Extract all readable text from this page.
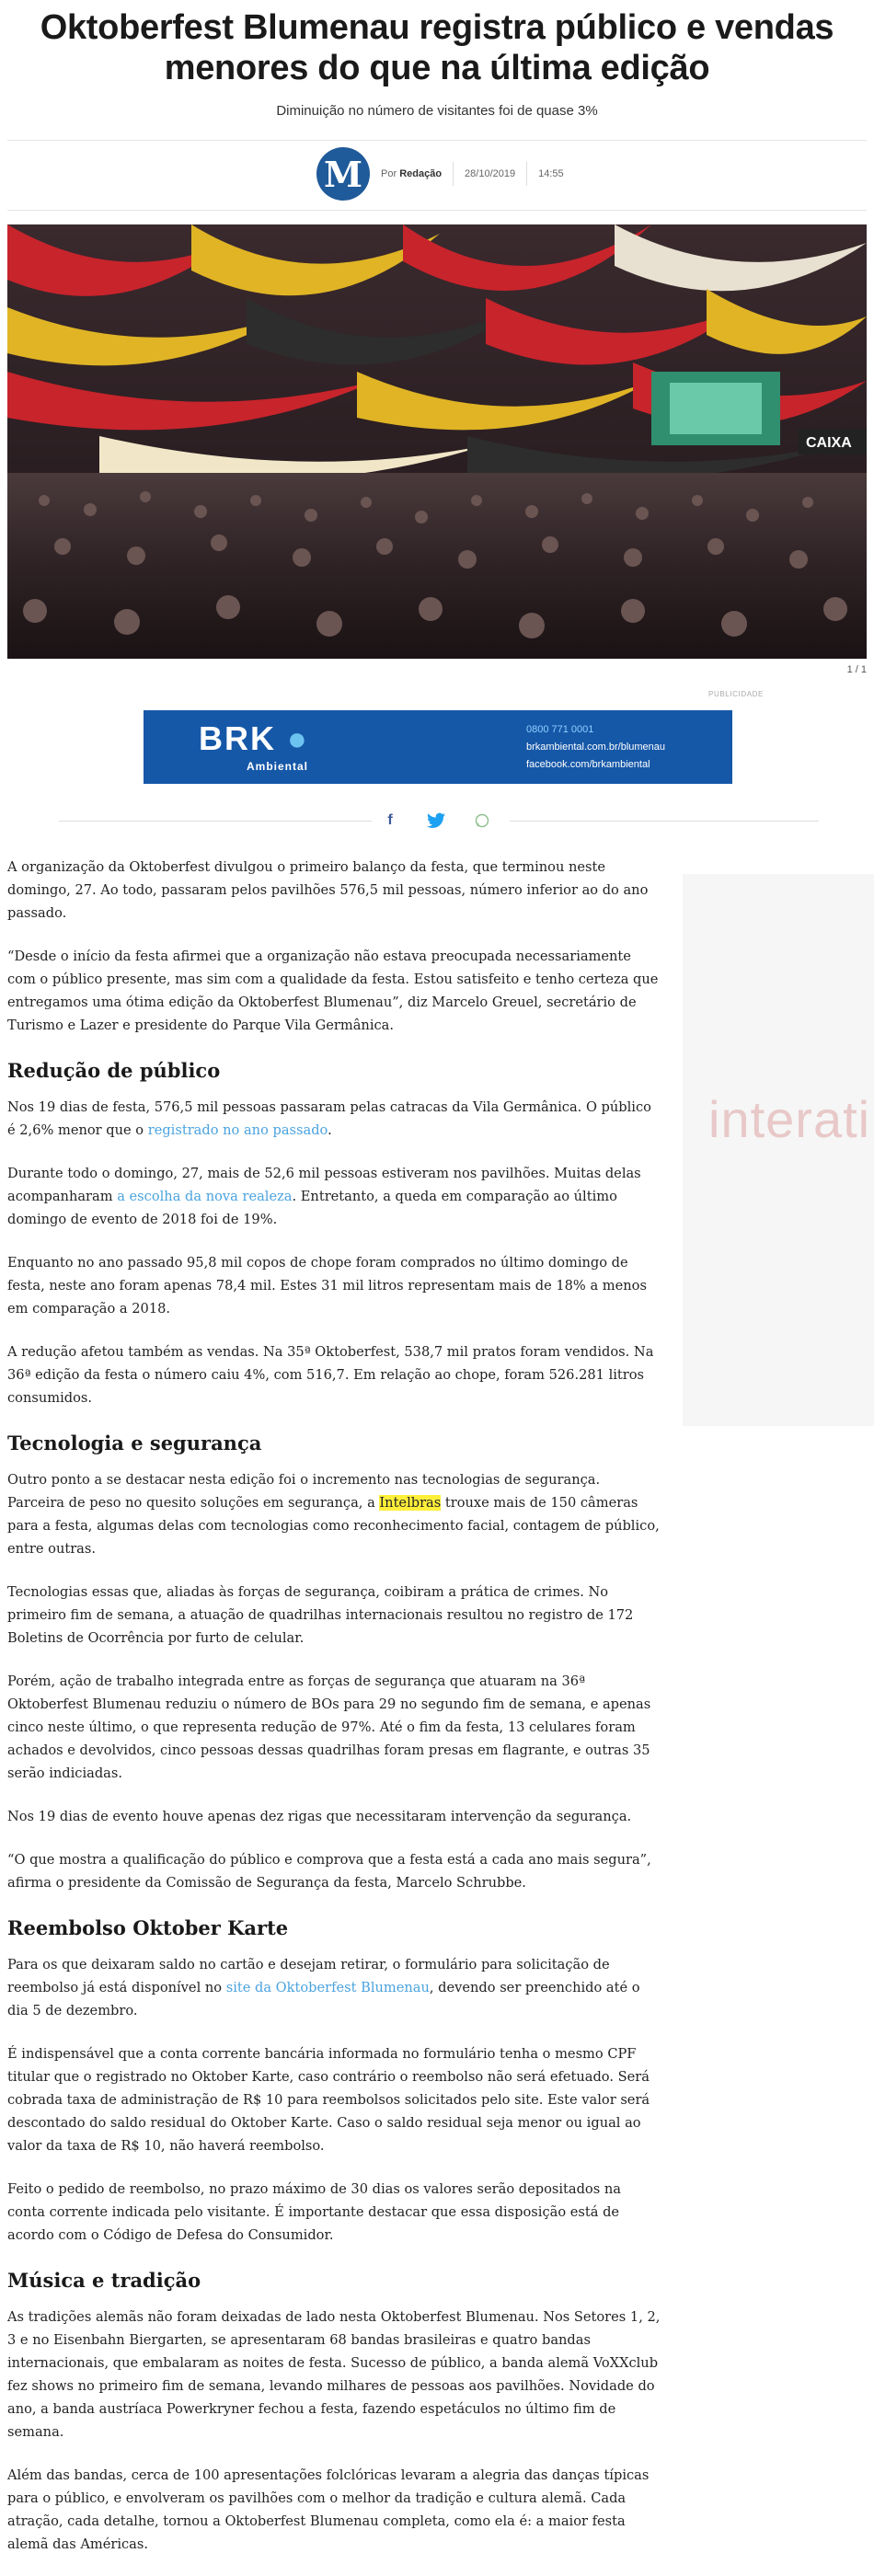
Oktoberfest Blumenau registra público e vendas
menores do que na última edição
Diminuição no número de visitantes foi de quase 3%
M Por Redação 28/10/2019 14:55
CAIXA
1 / 1
PUBLICIDADE
BRK ●
Ambiental
0800 771 0001
brkambiental.com.br/blumenau
facebook.com/brkambiental
f
interati

A organização da Oktoberfest divulgou o primeiro balanço da festa, que terminou neste domingo, 27. Ao todo, passaram pelos pavilhões 576,5 mil pessoas, número inferior ao do ano passado.

“Desde o início da festa afirmei que a organização não estava preocupada necessariamente com o público presente, mas sim com a qualidade da festa. Estou satisfeito e tenho certeza que entregamos uma ótima edição da Oktoberfest Blumenau”, diz Marcelo Greuel, secretário de Turismo e Lazer e presidente do Parque Vila Germânica.

Redução de público

Nos 19 dias de festa, 576,5 mil pessoas passaram pelas catracas da Vila Germânica. O público é 2,6% menor que o registrado no ano passado.

Durante todo o domingo, 27, mais de 52,6 mil pessoas estiveram nos pavilhões. Muitas delas acompanharam a escolha da nova realeza. Entretanto, a queda em comparação ao último domingo de evento de 2018 foi de 19%.

Enquanto no ano passado 95,8 mil copos de chope foram comprados no último domingo de festa, neste ano foram apenas 78,4 mil. Estes 31 mil litros representam mais de 18% a menos em comparação a 2018.

A redução afetou também as vendas. Na 35ª Oktoberfest, 538,7 mil pratos foram vendidos. Na 36ª edição da festa o número caiu 4%, com 516,7. Em relação ao chope, foram 526.281 litros consumidos.

Tecnologia e segurança

Outro ponto a se destacar nesta edição foi o incremento nas tecnologias de segurança. Parceira de peso no quesito soluções em segurança, a Intelbras trouxe mais de 150 câmeras para a festa, algumas delas com tecnologias como reconhecimento facial, contagem de público, entre outras.

Tecnologias essas que, aliadas às forças de segurança, coibiram a prática de crimes. No primeiro fim de semana, a atuação de quadrilhas internacionais resultou no registro de 172 Boletins de Ocorrência por furto de celular.

Porém, ação de trabalho integrada entre as forças de segurança que atuaram na 36ª Oktoberfest Blumenau reduziu o número de BOs para 29 no segundo fim de semana, e apenas cinco neste último, o que representa redução de 97%. Até o fim da festa, 13 celulares foram achados e devolvidos, cinco pessoas dessas quadrilhas foram presas em flagrante, e outras 35 serão indiciadas.

Nos 19 dias de evento houve apenas dez rigas que necessitaram intervenção da segurança.

“O que mostra a qualificação do público e comprova que a festa está a cada ano mais segura”, afirma o presidente da Comissão de Segurança da festa, Marcelo Schrubbe.

Reembolso Oktober Karte

Para os que deixaram saldo no cartão e desejam retirar, o formulário para solicitação de reembolso já está disponível no site da Oktoberfest Blumenau, devendo ser preenchido até o dia 5 de dezembro.

É indispensável que a conta corrente bancária informada no formulário tenha o mesmo CPF titular que o registrado no Oktober Karte, caso contrário o reembolso não será efetuado. Será cobrada taxa de administração de R$ 10 para reembolsos solicitados pelo site. Este valor será descontado do saldo residual do Oktober Karte. Caso o saldo residual seja menor ou igual ao valor da taxa de R$ 10, não haverá reembolso.

Feito o pedido de reembolso, no prazo máximo de 30 dias os valores serão depositados na conta corrente indicada pelo visitante. É importante destacar que essa disposição está de acordo com o Código de Defesa do Consumidor.

Música e tradição

As tradições alemãs não foram deixadas de lado nesta Oktoberfest Blumenau. Nos Setores 1, 2, 3 e no Eisenbahn Biergarten, se apresentaram 68 bandas brasileiras e quatro bandas internacionais, que embalaram as noites de festa. Sucesso de público, a banda alemã VoXXclub fez shows no primeiro fim de semana, levando milhares de pessoas aos pavilhões. Novidade do ano, a banda austríaca Powerkryner fechou a festa, fazendo espetáculos no último fim de semana.

Além das bandas, cerca de 100 apresentações folclóricas levaram a alegria das danças típicas para o público, e envolveram os pavilhões com o melhor da tradição e cultura alemã. Cada atração, cada detalhe, tornou a Oktoberfest Blumenau completa, como ela é: a maior festa alemã das Américas.
